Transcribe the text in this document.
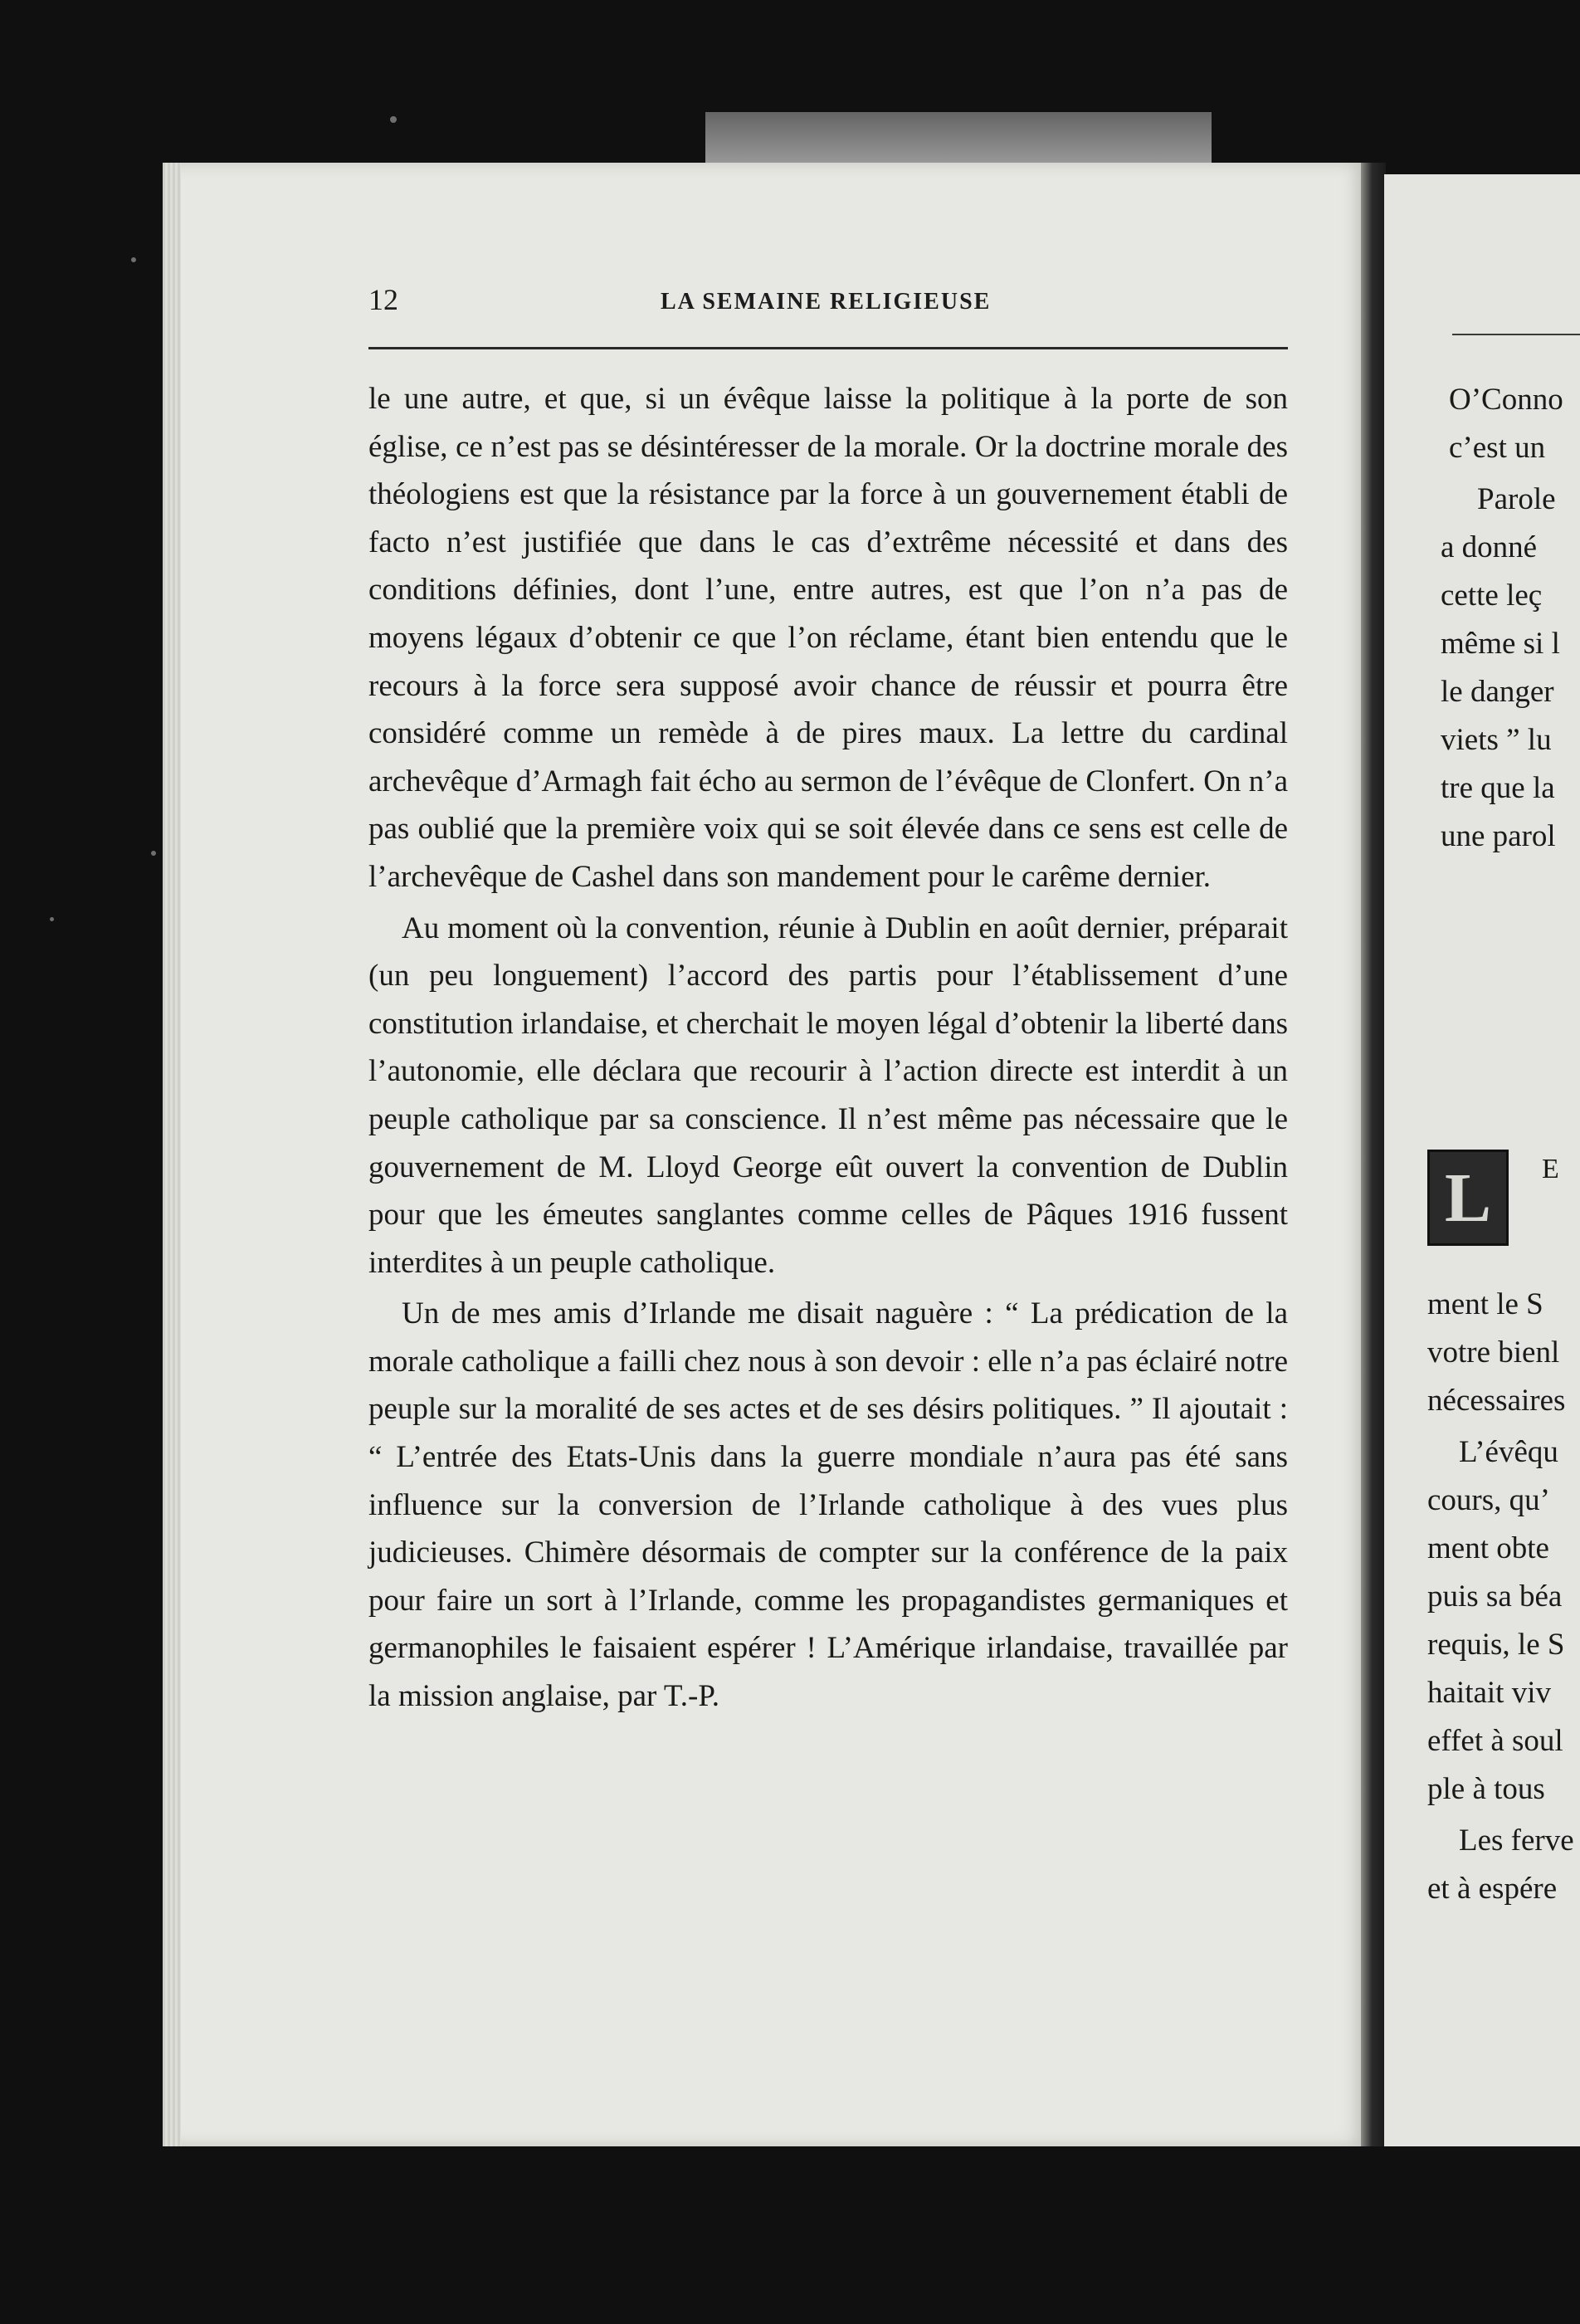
12	LA SEMAINE RELIGIEUSE

le une autre, et que, si un évêque laisse la politique à la porte de son église, ce n’est pas se désintéresser de la morale. Or la doctrine morale des théologiens est que la résistance par la force à un gouvernement établi de facto n’est justifiée que dans le cas d’extrême nécessité et dans des conditions définies, dont l’une, entre autres, est que l’on n’a pas de moyens légaux d’obtenir ce que l’on réclame, étant bien entendu que le recours à la force sera supposé avoir chance de réussir et pourra être considéré comme un remède à de pires maux. La lettre du cardinal archevêque d’Armagh fait écho au sermon de l’évêque de Clonfert. On n’a pas oublié que la première voix qui se soit élevée dans ce sens est celle de l’archevêque de Cashel dans son mandement pour le carême dernier.

Au moment où la convention, réunie à Dublin en août dernier, préparait (un peu longuement) l’accord des partis pour l’établissement d’une constitution irlandaise, et cherchait le moyen légal d’obtenir la liberté dans l’autonomie, elle déclara que recourir à l’action directe est interdit à un peuple catholique par sa conscience. Il n’est même pas nécessaire que le gouvernement de M. Lloyd George eût ouvert la convention de Dublin pour que les émeutes sanglantes comme celles de Pâques 1916 fussent interdites à un peuple catholique.

Un de mes amis d’Irlande me disait naguère : “ La prédication de la morale catholique a failli chez nous à son devoir : elle n’a pas éclairé notre peuple sur la moralité de ses actes et de ses désirs politiques. ” Il ajoutait : “ L’entrée des Etats-Unis dans la guerre mondiale n’aura pas été sans influence sur la conversion de l’Irlande catholique à des vues plus judicieuses. Chimère désormais de compter sur la conférence de la paix pour faire un sort à l’Irlande, comme les propagandistes germaniques et germanophiles le faisaient espérer ! L’Amérique irlandaise, travaillée par la mission anglaise, par T.-P.

O’Conno
c’est un
Parole
a donné
cette leç
même si l
le danger
viets ” lu
tre que la
une parol
L	E
ment le S
votre bienl
nécessaires
L’évêqu
cours, qu’
ment obte
puis sa béa
requis, le S
haitait viv
effet à soul
ple à tous
Les ferve
et à espére
